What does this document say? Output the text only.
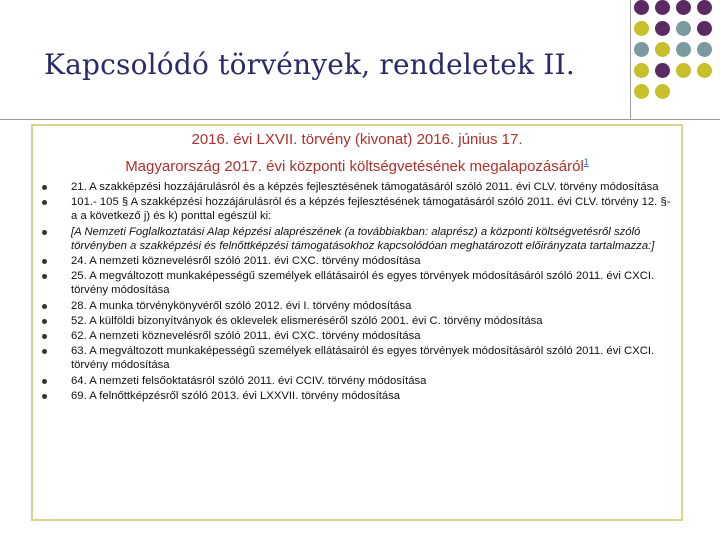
Kapcsolódó törvények, rendeletek II.
2016. évi LXVII. törvény (kivonat) 2016. június 17.
Magyarország 2017. évi központi költségvetésének megalapozásáról$^1$
21. A szakképzési hozzájárulásról és a képzés fejlesztésének támogatásáról szóló 2011. évi CLV. törvény módosítása
101.- 105 § A szakképzési hozzájárulásról és a képzés fejlesztésének támogatásáról szóló 2011. évi CLV. törvény 12. §-a a következő j) és k) ponttal egészül ki:
[A Nemzeti Foglalkoztatási Alap képzési alaprészének (a továbbiakban: alaprész) a központi költségvetésről szóló törvényben a szakképzési és felnőttképzési támogatásokhoz kapcsolódóan meghatározott előirányzata tartalmazza:]
24. A nemzeti köznevelésről szóló 2011. évi CXC. törvény módosítása
25. A megváltozott munkaképességű személyek ellátásairól és egyes törvények módosításáról szóló 2011. évi CXCI. törvény módosítása
28. A munka törvénykönyvéről szóló 2012. évi I. törvény módosítása
52. A külföldi bizonyítványok és oklevelek elismeréséről szóló 2001. évi C. törvény módosítása
62. A nemzeti köznevelésről szóló 2011. évi CXC. törvény módosítása
63. A megváltozott munkaképességű személyek ellátásairól és egyes törvények módosításáról szóló 2011. évi CXCI. törvény módosítása
64. A nemzeti felsőoktatásról szóló 2011. évi CCIV. törvény módosítása
69. A felnőttképzésről szóló 2013. évi LXXVII. törvény módosítása
